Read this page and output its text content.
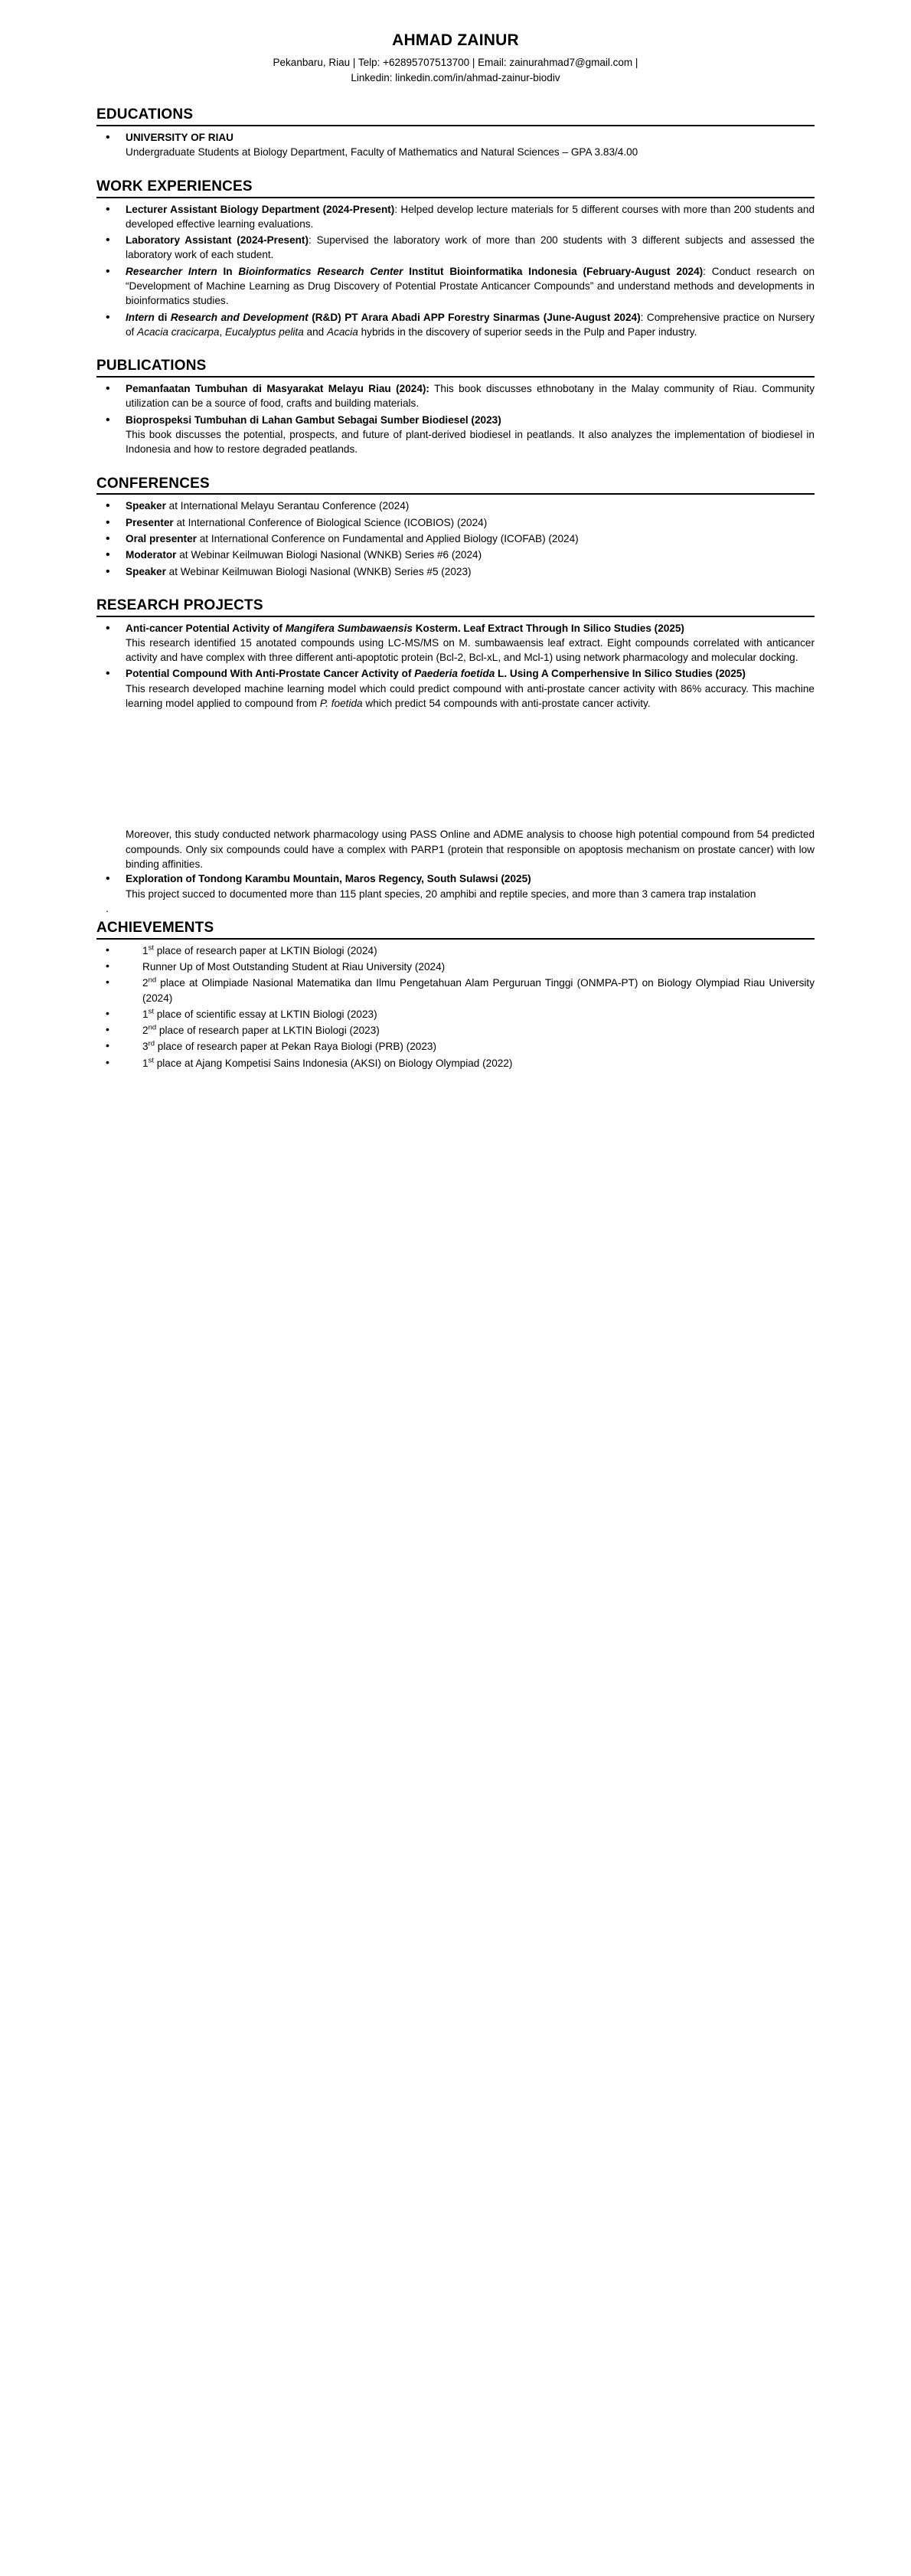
AHMAD ZAINUR
Pekanbaru, Riau | Telp: +62895707513700 | Email: zainurahmad7@gmail.com |
Linkedin: linkedin.com/in/ahmad-zainur-biodiv
EDUCATIONS
• UNIVERSITY OF RIAU
Undergraduate Students at Biology Department, Faculty of Mathematics and Natural Sciences – GPA 3.83/4.00
WORK EXPERIENCES
• Lecturer Assistant Biology Department (2024-Present): Helped develop lecture materials for 5 different courses with more than 200 students and developed effective learning evaluations.
• Laboratory Assistant (2024-Present): Supervised the laboratory work of more than 200 students with 3 different subjects and assessed the laboratory work of each student.
• Researcher Intern In Bioinformatics Research Center Institut Bioinformatika Indonesia (February-August 2024): Conduct research on “Development of Machine Learning as Drug Discovery of Potential Prostate Anticancer Compounds” and understand methods and developments in bioinformatics studies.
• Intern di Research and Development (R&D) PT Arara Abadi APP Forestry Sinarmas (June-August 2024): Comprehensive practice on Nursery of Acacia cracicarpa, Eucalyptus pelita and Acacia hybrids in the discovery of superior seeds in the Pulp and Paper industry.
PUBLICATIONS
• Pemanfaatan Tumbuhan di Masyarakat Melayu Riau (2024): This book discusses ethnobotany in the Malay community of Riau. Community utilization can be a source of food, crafts and building materials.
• Bioprospeksi Tumbuhan di Lahan Gambut Sebagai Sumber Biodiesel (2023)
This book discusses the potential, prospects, and future of plant-derived biodiesel in peatlands. It also analyzes the implementation of biodiesel in Indonesia and how to restore degraded peatlands.
CONFERENCES
• Speaker at International Melayu Serantau Conference (2024)
• Presenter at International Conference of Biological Science (ICOBIOS) (2024)
• Oral presenter at International Conference on Fundamental and Applied Biology (ICOFAB) (2024)
• Moderator at Webinar Keilmuwan Biologi Nasional (WNKB) Series #6 (2024)
• Speaker at Webinar Keilmuwan Biologi Nasional (WNKB) Series #5 (2023)
RESEARCH PROJECTS
• Anti-cancer Potential Activity of Mangifera Sumbawaensis Kosterm. Leaf Extract Through In Silico Studies (2025)
This research identified 15 anotated compounds using LC-MS/MS on M. sumbawaensis leaf extract. Eight compounds correlated with anticancer activity and have complex with three different anti-apoptotic protein (Bcl-2, Bcl-xL, and Mcl-1) using network pharmacology and molecular docking.
• Potential Compound With Anti-Prostate Cancer Activity of Paederia foetida L. Using A Comperhensive In Silico Studies (2025)
This research developed machine learning model which could predict compound with anti-prostate cancer activity with 86% accuracy. This machine learning model applied to compound from P. foetida which predict 54 compounds with anti-prostate cancer activity.
Moreover, this study conducted network pharmacology using PASS Online and ADME analysis to choose high potential compound from 54 predicted compounds. Only six compounds could have a complex with PARP1 (protein that responsible on apoptosis mechanism on prostate cancer) with low binding affinities.
• Exploration of Tondong Karambu Mountain, Maros Regency, South Sulawsi (2025)
This project succed to documented more than 115 plant species, 20 amphibi and reptile species, and more than 3 camera trap instalation
.
ACHIEVEMENTS
• 1st place of research paper at LKTIN Biologi (2024)
• Runner Up of Most Outstanding Student at Riau University (2024)
• 2nd place at Olimpiade Nasional Matematika dan Ilmu Pengetahuan Alam Perguruan Tinggi (ONMPA-PT) on Biology Olympiad Riau University (2024)
• 1st place of scientific essay at LKTIN Biologi (2023)
• 2nd place of research paper at LKTIN Biologi (2023)
• 3rd place of research paper at Pekan Raya Biologi (PRB) (2023)
• 1st place at Ajang Kompetisi Sains Indonesia (AKSI) on Biology Olympiad (2022)
